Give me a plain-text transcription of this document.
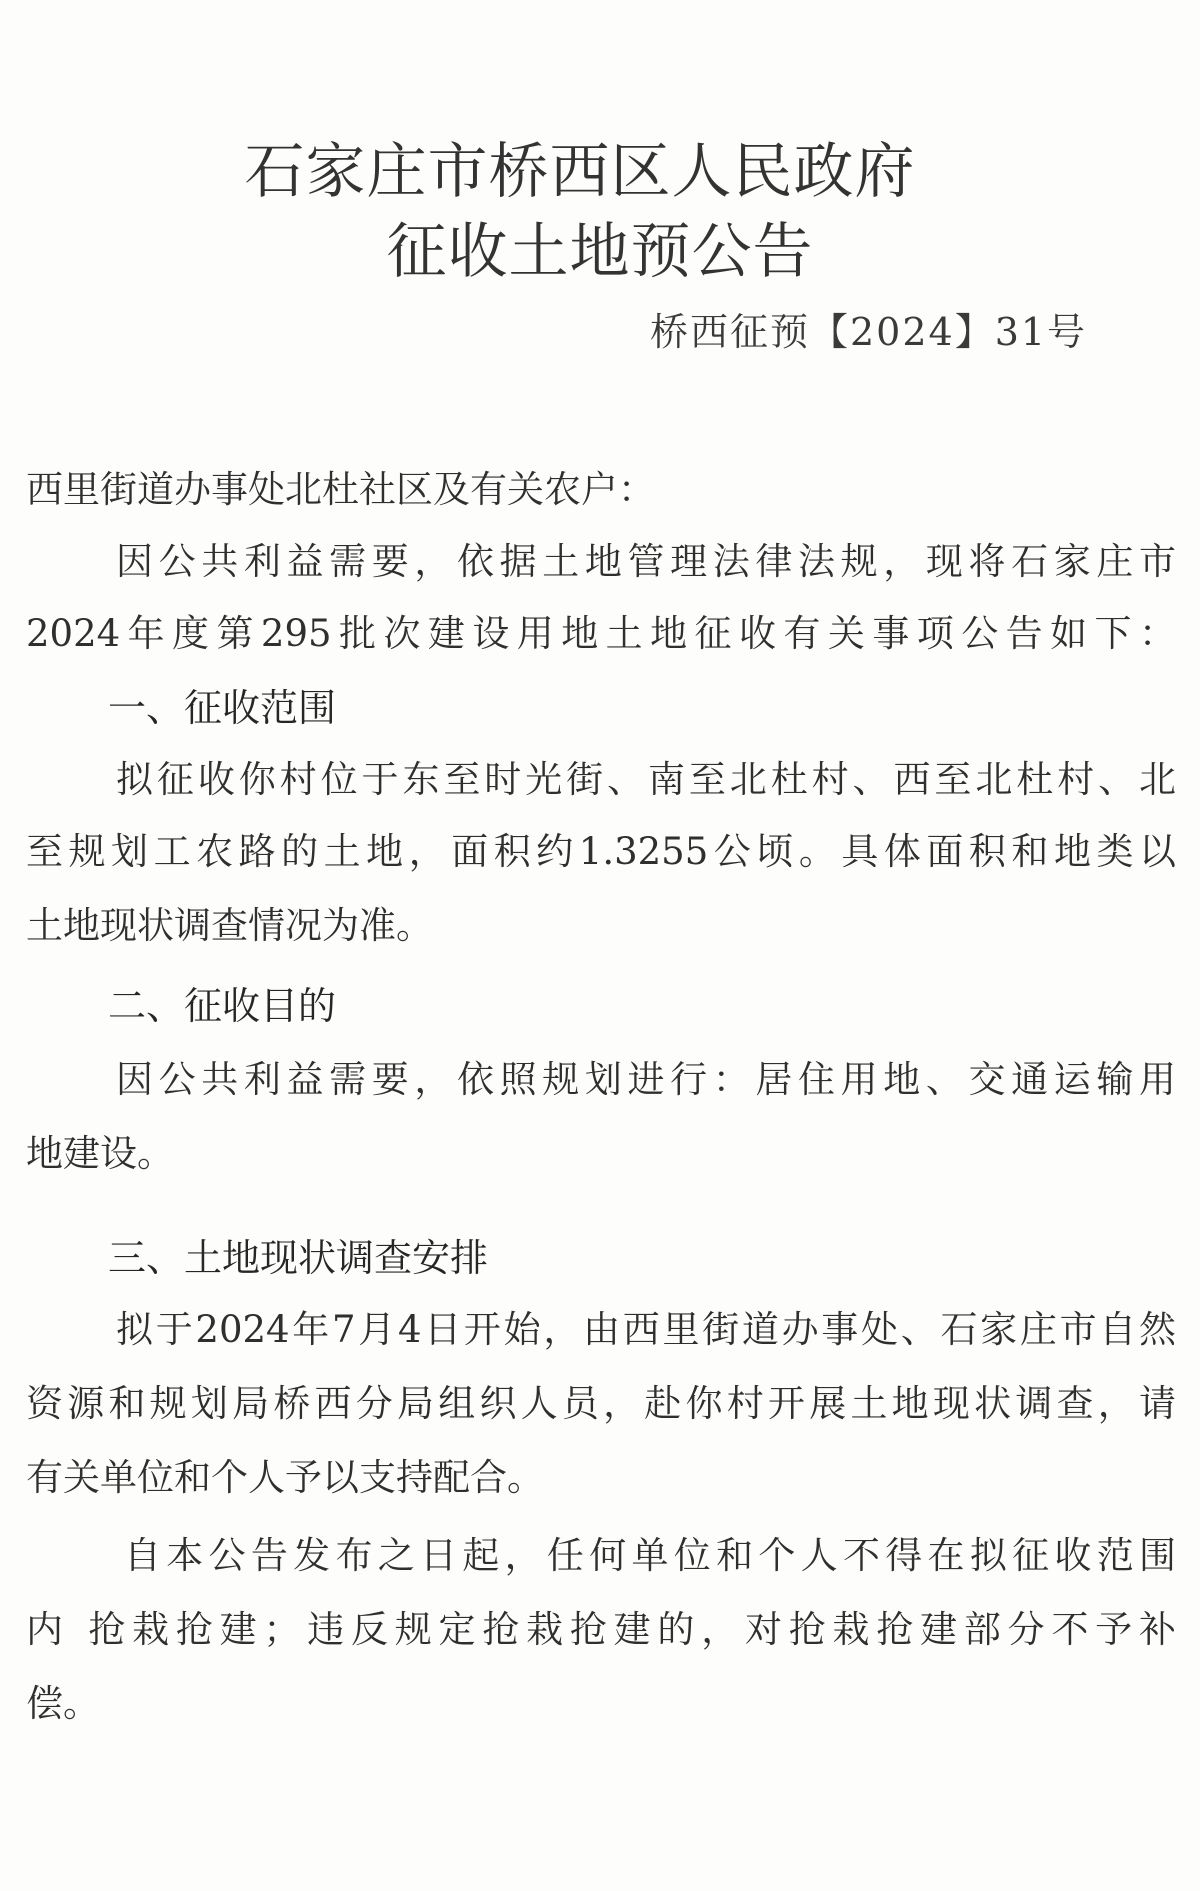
石家庄市桥西区人民政府
征收土地预公告
桥西征预【2024】31号
西里街道办事处北杜社区及有关农户：
因公共利益需要，依据土地管理法律法规，现将石家庄市
2024年度第295批次建设用地土地征收有关事项公告如下：
一、征收范围
拟征收你村位于东至时光街、南至北杜村、西至北杜村、北
至规划工农路的土地，面积约1.3255公顷。具体面积和地类以
土地现状调查情况为准。
二、征收目的
因公共利益需要，依照规划进行：居住用地、交通运输用
地建设。
三、土地现状调查安排
拟于2024年7月4日开始，由西里街道办事处、石家庄市自然
资源和规划局桥西分局组织人员，赴你村开展土地现状调查，请
有关单位和个人予以支持配合。
自本公告发布之日起，任何单位和个人不得在拟征收范围
内 抢栽抢建；违反规定抢栽抢建的，对抢栽抢建部分不予补
偿。
